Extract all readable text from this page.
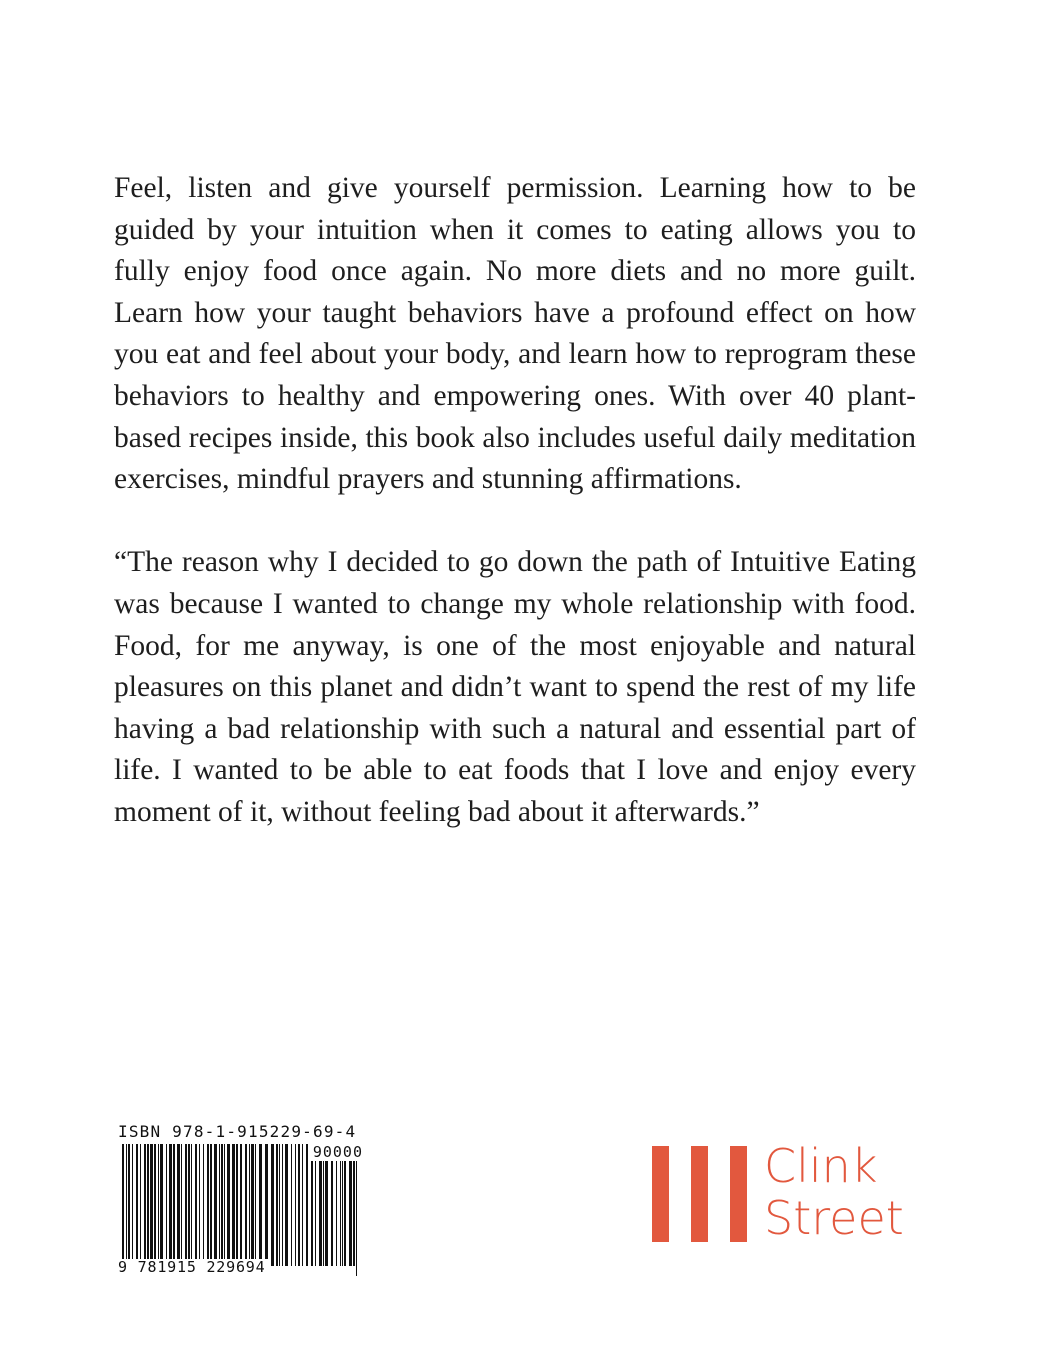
Feel, listen and give yourself permission. Learning how to be guided by your intuition when it comes to eating allows you to fully enjoy food once again. No more diets and no more guilt. Learn how your taught behaviors have a profound effect on how you eat and feel about your body, and learn how to reprogram these behaviors to healthy and empowering ones. With over 40 plant-based recipes inside, this book also includes useful daily meditation exercises, mindful prayers and stunning affirmations.

“The reason why I decided to go down the path of Intuitive Eating was because I wanted to change my whole relationship with food. Food, for me anyway, is one of the most enjoyable and natural pleasures on this planet and didn’t want to spend the rest of my life having a bad relationship with such a natural and essential part of life. I wanted to be able to eat foods that I love and enjoy every moment of it, without feeling bad about it afterwards.”

ISBN 978-1-915229-69-4
90000
9 781915 229694
Clink
Street
